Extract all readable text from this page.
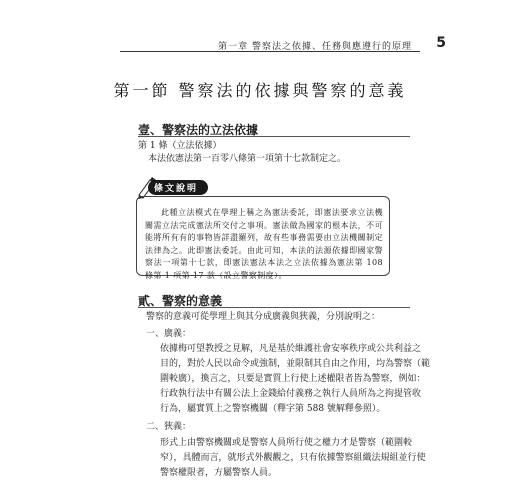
第一章 警察法之依據、任務與應遵行的原理 5
第一節 警察法的依據與警察的意義
壹、警察法的立法依據
第 1 條（立法依據）
本法依憲法第一百零八條第一項第十七款制定之。
條文說明

此種立法模式在學理上稱之為憲法委託，即憲法要求立法機關需立法完成憲法所交付之事項。憲法做為國家的根本法，不可能將所有有的事物皆詳盡羅列，故有些事務需要由立法機關制定法律為之。此即憲法委託。由此可知，本法的法源依據即國家警察法一項第十七款，即憲法憲法本法之立法依據為憲法第 108 條第 1 項第 17 款（設立警察制度）。

貳、警察的意義
警察的意義可從學理上與其分成廣義與狹義，分別說明之：
一、廣義：
依據梅可望教授之見解，凡是基於維護社會安寧秩序或公共利益之
目的，對於人民以命令或強制，並限制其自由之作用，均為警察（範
圍較廣），換言之，只要是實質上行使上述權限者皆為警察，例如：
行政執行法中有關公法上金錢給付義務之執行人員所為之拘提管收
行為，屬實質上之警察機關（釋字第 588 號解釋參照）。
二、狹義：
形式上由警察機關或是警察人員所行使之權力才是警察（範圍較
窄），具體而言，就形式外觀觀之，只有依據警察組織法規組並行使
警察權限者，方屬警察人員。
